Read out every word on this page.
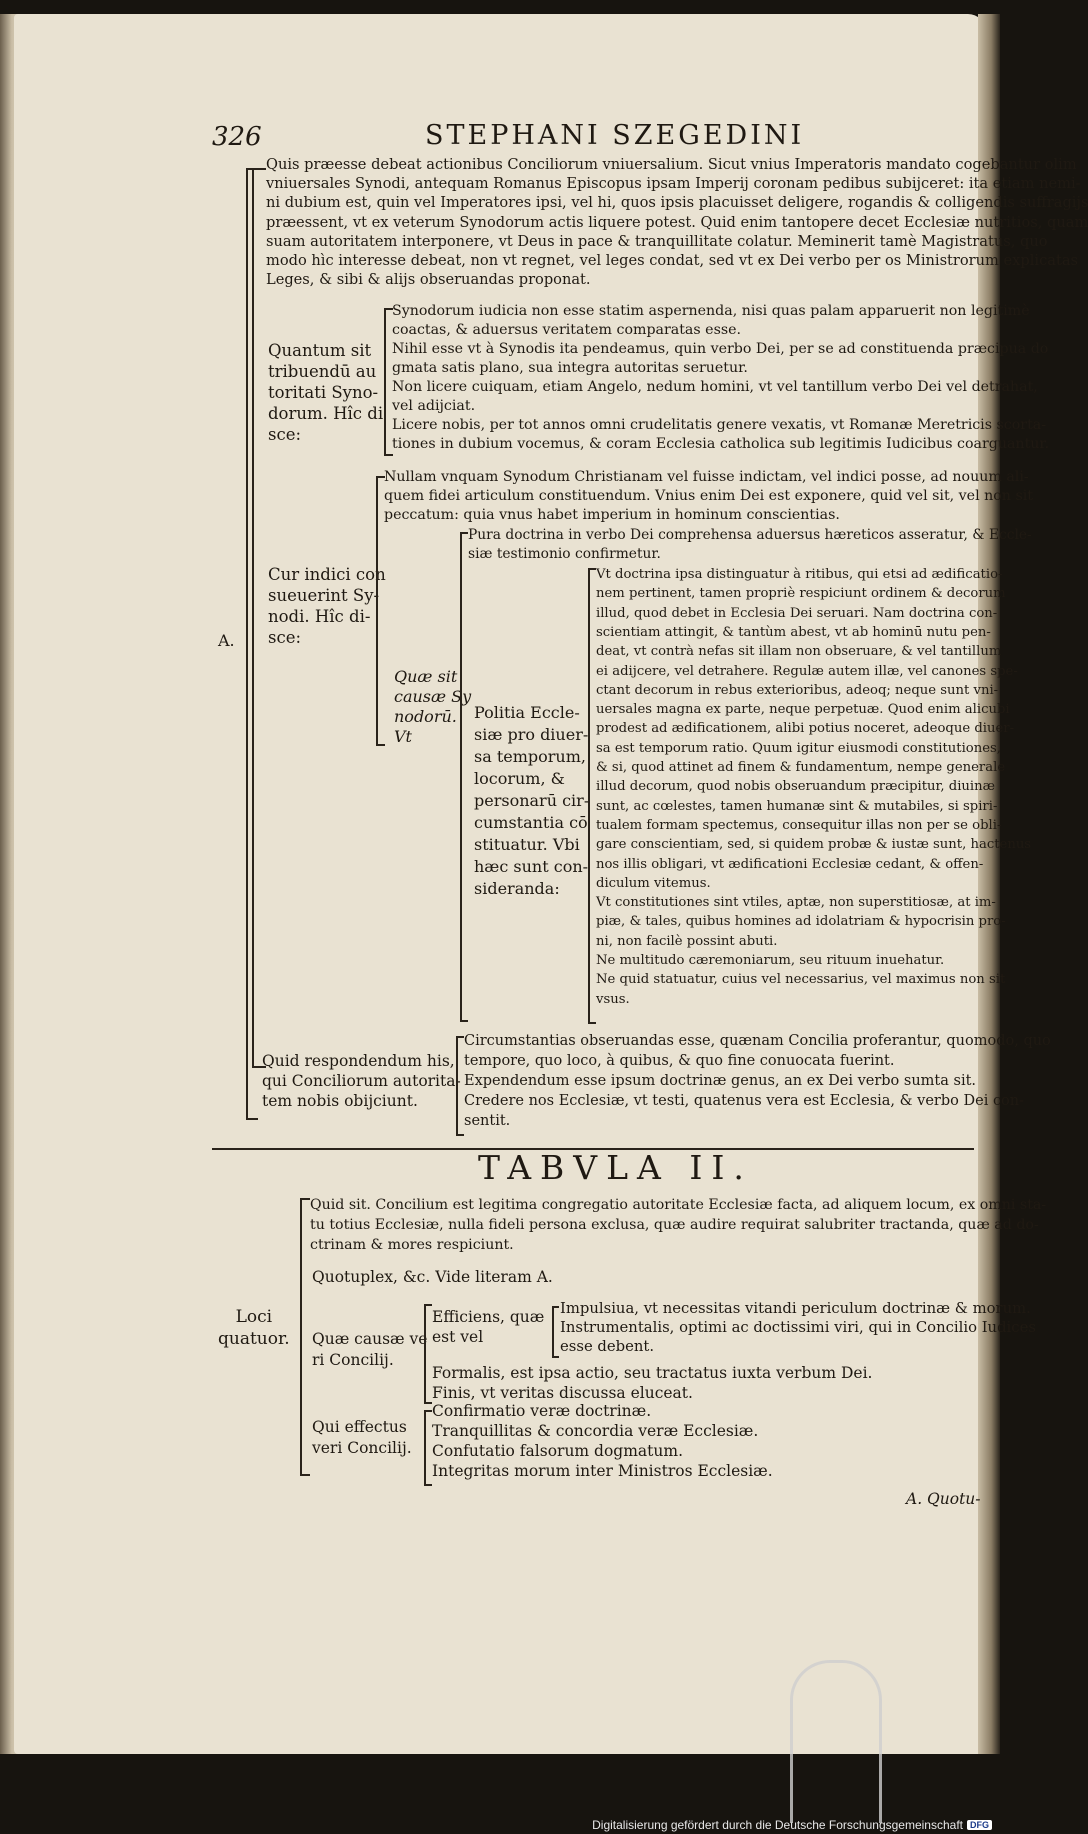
326	STEPHANI SZEGEDINI
A.
Quis præesse debeat actionibus Conciliorum vniuersalium. Sicut vnius Imperatoris mandato cogebantur olim
vniuersales Synodi, antequam Romanus Episcopus ipsam Imperij coronam pedibus subijceret: ita etiam nemi-
ni dubium est, quin vel Imperatores ipsi, vel hi, quos ipsis placuisset deligere, rogandis & colligendis suffragijs
præessent, vt ex veterum Synodorum actis liquere potest. Quid enim tantopere decet Ecclesiæ nutritios, quam
suam autoritatem interponere, vt Deus in pace & tranquillitate colatur. Meminerit tamè Magistratus, quo
modo hìc interesse debeat, non vt regnet, vel leges condat, sed vt ex Dei verbo per os Ministrorum explicatas
Leges, & sibi & alijs obseruandas proponat.
Quantum sit
tribuendū au
toritati Syno-
dorum. Hîc di
sce:
Synodorum iudicia non esse statim aspernenda, nisi quas palam apparuerit non legitimè
coactas, & aduersus veritatem comparatas esse.
Nihil esse vt à Synodis ita pendeamus, quin verbo Dei, per se ad constituenda præcipua do
gmata satis plano, sua integra autoritas seruetur.
Non licere cuiquam, etiam Angelo, nedum homini, vt vel tantillum verbo Dei vel detrahat,
vel adijciat.
Licere nobis, per tot annos omni crudelitatis genere vexatis, vt Romanæ Meretricis scorta-
tiones in dubium vocemus, & coram Ecclesia catholica sub legitimis Iudicibus coarguantur.
Cur indici con
sueuerint Sy-
nodi. Hîc di-
sce:
Nullam vnquam Synodum Christianam vel fuisse indictam, vel indici posse, ad nouum ali-
quem fidei articulum constituendum. Vnius enim Dei est exponere, quid vel sit, vel non sit
peccatum: quia vnus habet imperium in hominum conscientias.
Quæ sit
causæ Sy
nodorū.
Vt
Pura doctrina in verbo Dei comprehensa aduersus hæreticos asseratur, & Eccle-
siæ testimonio confirmetur.
Politia Eccle-
siæ pro diuer-
sa temporum,
locorum, &
personarū cir-
cumstantia cō
stituatur. Vbi
hæc sunt con-
sideranda:
Vt doctrina ipsa distinguatur à ritibus, qui etsi ad ædificatio-
nem pertinent, tamen propriè respiciunt ordinem & decorum
illud, quod debet in Ecclesia Dei seruari. Nam doctrina con-
scientiam attingit, & tantùm abest, vt ab hominū nutu pen-
deat, vt contrà nefas sit illam non obseruare, & vel tantillum
ei adijcere, vel detrahere. Regulæ autem illæ, vel canones spe-
ctant decorum in rebus exterioribus, adeoq; neque sunt vni-
uersales magna ex parte, neque perpetuæ. Quod enim alicubi
prodest ad ædificationem, alibi potius noceret, adeoque diuer-
sa est temporum ratio. Quum igitur eiusmodi constitutiones,
& si, quod attinet ad finem & fundamentum, nempe generale
illud decorum, quod nobis obseruandum præcipitur, diuinæ
sunt, ac cœlestes, tamen humanæ sint & mutabiles, si spiri-
tualem formam spectemus, consequitur illas non per se obli-
gare conscientiam, sed, si quidem probæ & iustæ sunt, hactenus
nos illis obligari, vt ædificationi Ecclesiæ cedant, & offen-
diculum vitemus.
Vt constitutiones sint vtiles, aptæ, non superstitiosæ, at im-
piæ, & tales, quibus homines ad idolatriam & hypocrisin pro-
ni, non facilè possint abuti.
Ne multitudo cæremoniarum, seu rituum inuehatur.
Ne quid statuatur, cuius vel necessarius, vel maximus non sit
vsus.
Quid respondendum his,
qui Conciliorum autorita-
tem nobis obijciunt.
Circumstantias obseruandas esse, quænam Concilia proferantur, quomodo, quo
tempore, quo loco, à quibus, & quo fine conuocata fuerint.
Expendendum esse ipsum doctrinæ genus, an ex Dei verbo sumta sit.
Credere nos Ecclesiæ, vt testi, quatenus vera est Ecclesia, & verbo Dei con-
sentit.
TABVLA II.
Loci
quatuor.
Quid sit. Concilium est legitima congregatio autoritate Ecclesiæ facta, ad aliquem locum, ex omni sta-
tu totius Ecclesiæ, nulla fideli persona exclusa, quæ audire requirat salubriter tractanda, quæ ad do-
ctrinam & mores respiciunt.
Quotuplex, &c. Vide literam A.
Quæ causæ ve
ri Concilij.
Efficiens, quæ
est vel
Impulsiua, vt necessitas vitandi periculum doctrinæ & morum.
Instrumentalis, optimi ac doctissimi viri, qui in Concilio Iudices
esse debent.
Formalis, est ipsa actio, seu tractatus iuxta verbum Dei.
Finis, vt veritas discussa eluceat.
Qui effectus
veri Concilij.
Confirmatio veræ doctrinæ.
Tranquillitas & concordia veræ Ecclesiæ.
Confutatio falsorum dogmatum.
Integritas morum inter Ministros Ecclesiæ.
A. Quotu-
Digitalisierung gefördert durch die Deutsche Forschungsgemeinschaft DFG
